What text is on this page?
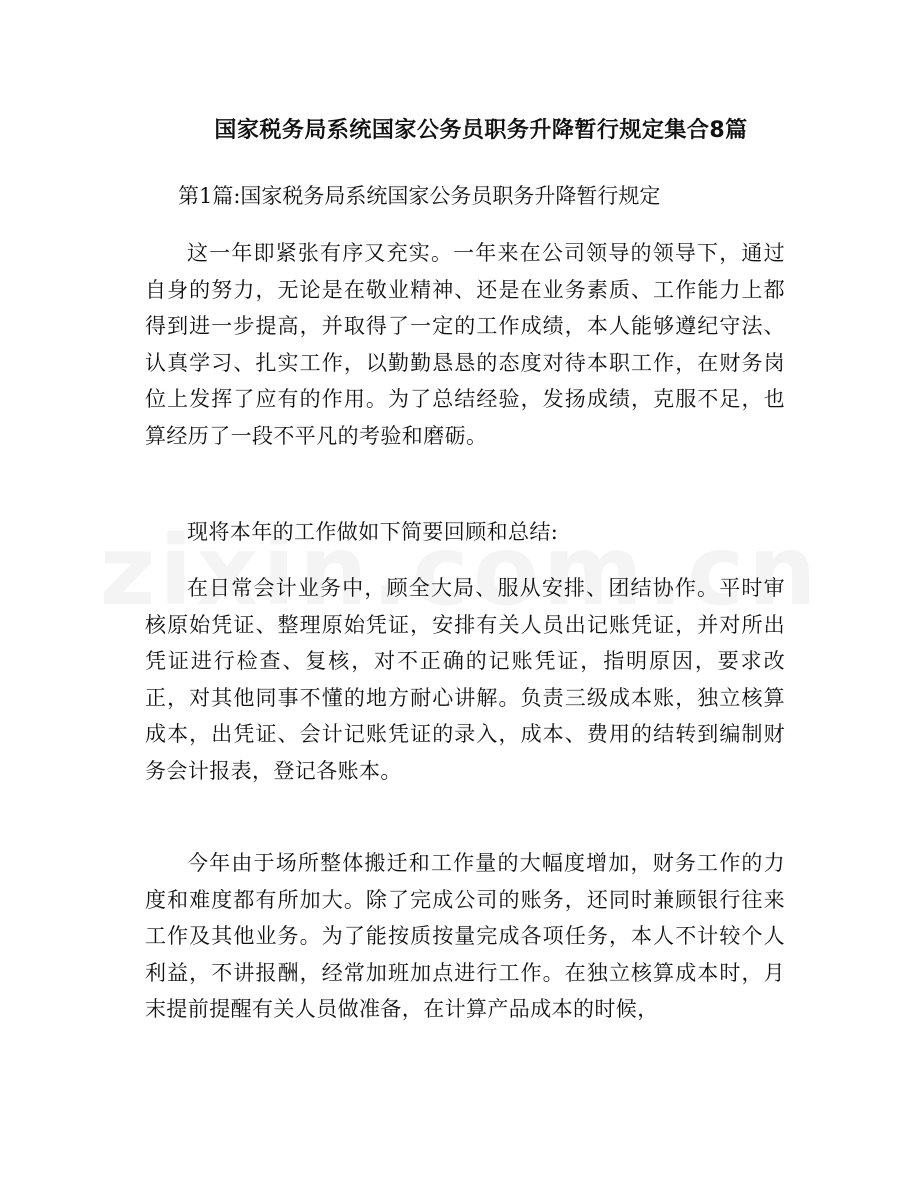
国家税务局系统国家公务员职务升降暂行规定集合8篇
第1篇:国家税务局系统国家公务员职务升降暂行规定

这一年即紧张有序又充实。一年来在公司领导的领导下，通过自身的努力，无论是在敬业精神、还是在业务素质、工作能力上都得到进一步提高，并取得了一定的工作成绩，本人能够遵纪守法、认真学习、扎实工作，以勤勤恳恳的态度对待本职工作，在财务岗位上发挥了应有的作用。为了总结经验，发扬成绩，克服不足，也算经历了一段不平凡的考验和磨砺。

现将本年的工作做如下简要回顾和总结:

在日常会计业务中，顾全大局、服从安排、团结协作。平时审核原始凭证、整理原始凭证，安排有关人员出记账凭证，并对所出凭证进行检查、复核，对不正确的记账凭证，指明原因，要求改正，对其他同事不懂的地方耐心讲解。负责三级成本账，独立核算成本，出凭证、会计记账凭证的录入，成本、费用的结转到编制财务会计报表，登记各账本。

今年由于场所整体搬迁和工作量的大幅度增加，财务工作的力度和难度都有所加大。除了完成公司的账务，还同时兼顾银行往来工作及其他业务。为了能按质按量完成各项任务，本人不计较个人利益，不讲报酬，经常加班加点进行工作。在独立核算成本时，月末提前提醒有关人员做准备，在计算产品成本的时候，
